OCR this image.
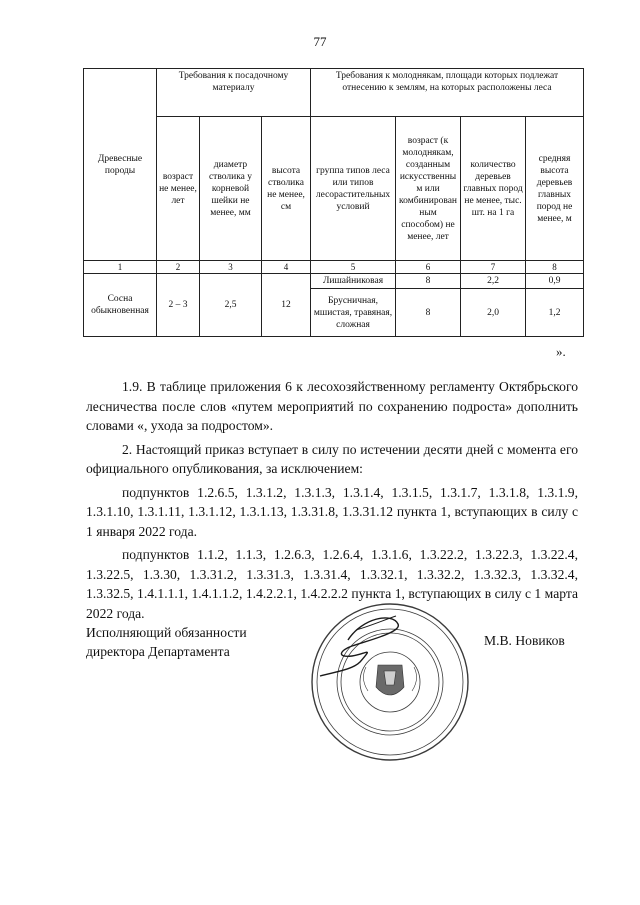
77
Древесные породы	Требования к посадочному материалу			Требования к молоднякам, площади которых подлежат отнесению к землям, на которых расположены леса			
	возраст не менее, лет	диаметр стволика у корневой шейки не менее, мм	высота стволика не менее, см	группа типов леса или типов лесорастительных условий	возраст (к молоднякам, созданным искусственным или комбинированным способом) не менее, лет	количество деревьев главных пород не менее, тыс. шт. на 1 га	средняя высота деревьев главных пород не менее, м
1	2	3	4	5	6	7	8
Сосна обыкновенная	2 – 3	2,5	12	Лишайниковая	8	2,2	0,9
				Брусничная, мшистая, травяная, сложная	8	2,0	1,2
».

1.9. В таблице приложения 6 к лесохозяйственному регламенту Октябрьского лесничества после слов «путем мероприятий по сохранению подроста» дополнить словами «, ухода за подростом».

2. Настоящий приказ вступает в силу по истечении десяти дней с момента его официального опубликования, за исключением:

подпунктов 1.2.6.5, 1.3.1.2, 1.3.1.3, 1.3.1.4, 1.3.1.5, 1.3.1.7, 1.3.1.8, 1.3.1.9, 1.3.1.10, 1.3.1.11, 1.3.1.12, 1.3.1.13, 1.3.31.8, 1.3.31.12 пункта 1, вступающих в силу с 1 января 2022 года.

подпунктов 1.1.2, 1.1.3, 1.2.6.3, 1.2.6.4, 1.3.1.6, 1.3.22.2, 1.3.22.3, 1.3.22.4, 1.3.22.5, 1.3.30, 1.3.31.2, 1.3.31.3, 1.3.31.4, 1.3.32.1, 1.3.32.2, 1.3.32.3, 1.3.32.4, 1.3.32.5, 1.4.1.1.1, 1.4.1.1.2, 1.4.2.2.1, 1.4.2.2.2 пункта 1, вступающих в силу с 1 марта 2022 года.

Исполняющий обязанности
директора Департамента
М.В. Новиков
